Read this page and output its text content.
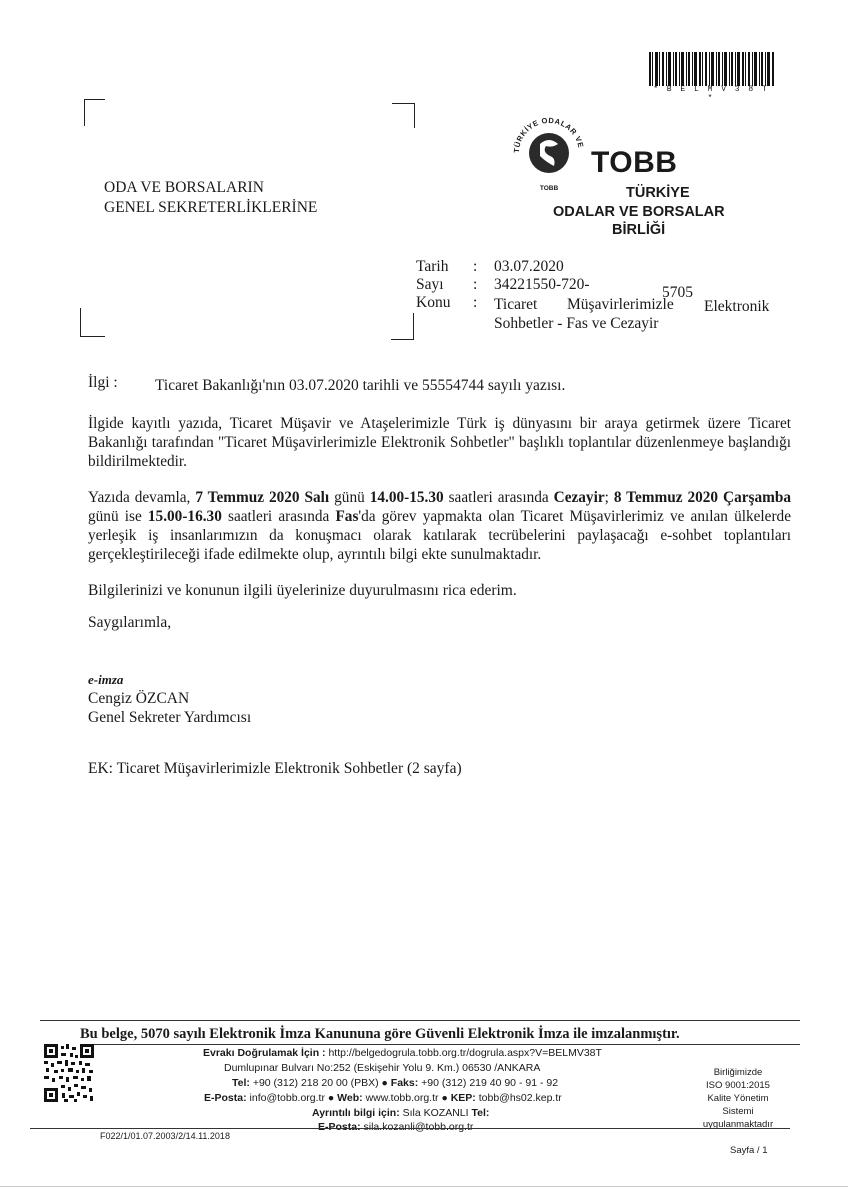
* B E L M V 3 8 T *
ODA VE BORSALARIN
GENEL SEKRETERLİKLERİNE
TÜRKİYE ODALAR VE
TOBB
TOBB
TÜRKİYE
ODALAR VE BORSALAR
BİRLİĞİ
Tarih : 03.07.2020
Sayı : 34221550-720-	5705
Konu : Ticaret Müşavirlerimizle Elektronik
Sohbetler - Fas ve Cezayir
İlgi : Ticaret Bakanlığı'nın 03.07.2020 tarihli ve 55554744 sayılı yazısı.
İlgide kayıtlı yazıda, Ticaret Müşavir ve Ataşelerimizle Türk iş dünyasını bir araya getirmek üzere Ticaret Bakanlığı tarafından "Ticaret Müşavirlerimizle Elektronik Sohbetler" başlıklı toplantılar düzenlenmeye başlandığı bildirilmektedir.
Yazıda devamla, 7 Temmuz 2020 Salı günü 14.00-15.30 saatleri arasında Cezayir; 8 Temmuz 2020 Çarşamba günü ise 15.00-16.30 saatleri arasında Fas'da görev yapmakta olan Ticaret Müşavirlerimiz ve anılan ülkelerde yerleşik iş insanlarımızın da konuşmacı olarak katılarak tecrübelerini paylaşacağı e-sohbet toplantıları gerçekleştirileceği ifade edilmekte olup, ayrıntılı bilgi ekte sunulmaktadır.
Bilgilerinizi ve konunun ilgili üyelerinize duyurulmasını rica ederim.
Saygılarımla,
e-imza
Cengiz ÖZCAN
Genel Sekreter Yardımcısı
EK: Ticaret Müşavirlerimizle Elektronik Sohbetler (2 sayfa)
Bu belge, 5070 sayılı Elektronik İmza Kanununa göre Güvenli Elektronik İmza ile imzalanmıştır.
Evrakı Doğrulamak İçin : http://belgedogrula.tobb.org.tr/dogrula.aspx?V=BELMV38T
Dumlupınar Bulvarı No:252 (Eskişehir Yolu 9. Km.) 06530 /ANKARA
Tel: +90 (312) 218 20 00 (PBX) ● Faks: +90 (312) 219 40 90 - 91 - 92
E-Posta: info@tobb.org.tr ● Web: www.tobb.org.tr ● KEP: tobb@hs02.kep.tr
Ayrıntılı bilgi için: Sıla KOZANLI Tel:
E-Posta: sila.kozanli@tobb.org.tr
Birliğimizde
ISO 9001:2015
Kalite Yönetim
Sistemi
uygulanmaktadır
F022/1/01.07.2003/2/14.11.2018
Sayfa / 1
